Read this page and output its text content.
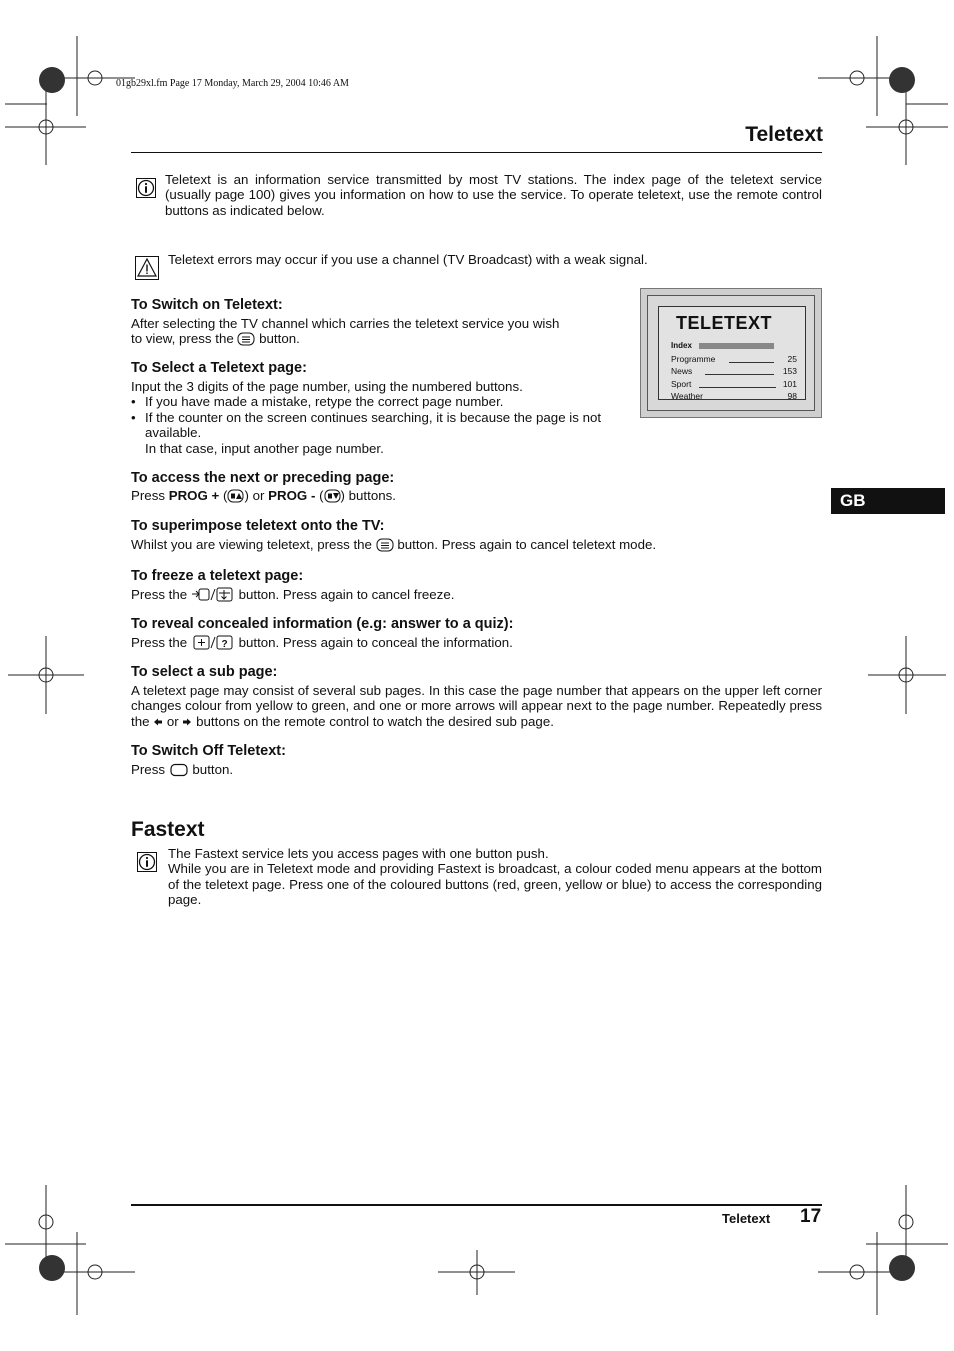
01gb29xl.fm Page 17 Monday, March 29, 2004 10:46 AM
Teletext
Teletext is an information service transmitted by most TV stations. The index page of the teletext service (usually page 100) gives you information on how to use the service. To operate teletext, use the remote control buttons as indicated below.
Teletext errors may occur if you use a channel (TV Broadcast) with a weak signal.
To Switch on Teletext:
After selecting the TV channel which carries the teletext service you wish
to view, press the button.
TELETEXT
Index
Programme	25
News	153
Sport	101
Weather	98
To Select a Teletext page:
Input the 3 digits of the page number, using the numbered buttons.
• If you have made a mistake, retype the correct page number.
• If the counter on the screen continues searching, it is because the page is not
available.
In that case, input another page number.
To access the next or preceding page:
Press PROG + ( ) or PROG - ( ) buttons.
To superimpose teletext onto the TV:
Whilst you are viewing teletext, press the button. Press again to cancel teletext mode.
To freeze a teletext page:
Press the	button. Press again to cancel freeze.
To reveal concealed information (e.g: answer to a quiz):
Press the	? button. Press again to conceal the information.
To select a sub page:
A teletext page may consist of several sub pages. In this case the page number that appears on the upper left corner changes colour from yellow to green, and one or more arrows will appear next to the page number. Repeatedly press the or buttons on the remote control to watch the desired sub page.
To Switch Off Teletext:
Press button.
GB
Fastext
The Fastext service lets you access pages with one button push.
While you are in Teletext mode and providing Fastext is broadcast, a colour coded menu appears at the bottom of the teletext page. Press one of the coloured buttons (red, green, yellow or blue) to access the corresponding page.
Teletext 17
